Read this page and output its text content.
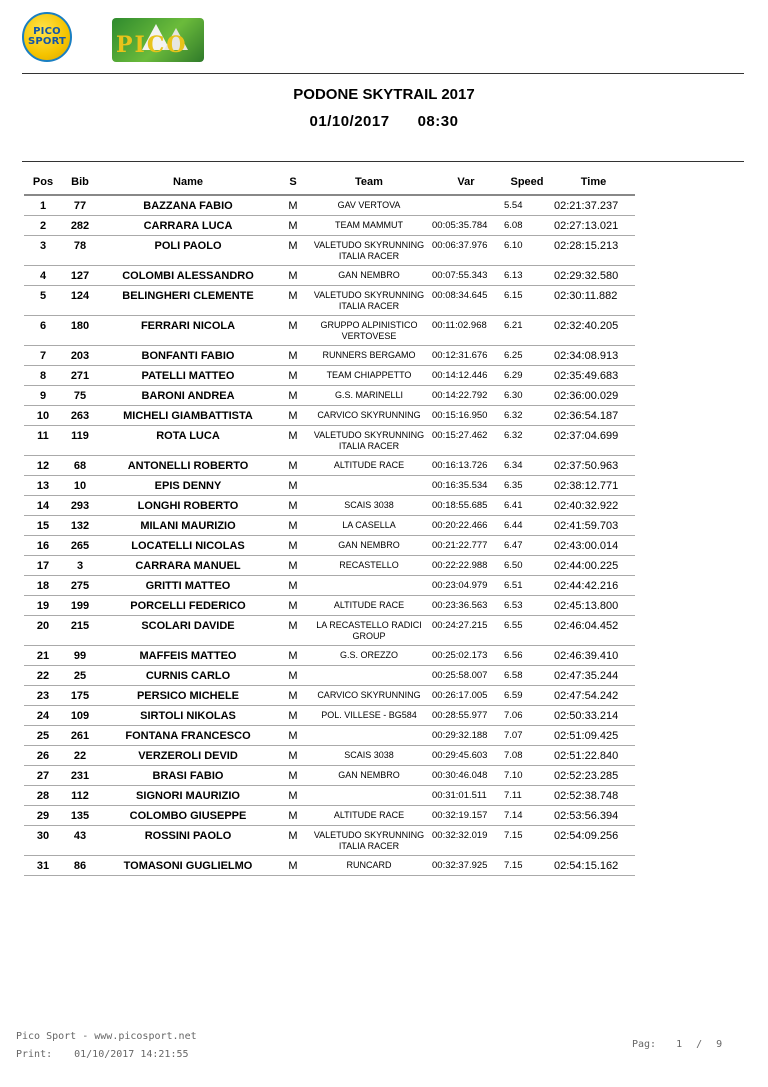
PICO
SPORT PICO
PODONE SKYTRAIL 2017
01/10/2017 08:30
Pos	Bib	Name	S	Team	Var	Speed	Time
1	77	BAZZANA FABIO	M	GAV VERTOVA		5.54	02:21:37.237
2	282	CARRARA LUCA	M	TEAM MAMMUT	00:05:35.784	6.08	02:27:13.021
3	78	POLI PAOLO	M	VALETUDO SKYRUNNING ITALIA RACER	00:06:37.976	6.10	02:28:15.213
4	127	COLOMBI ALESSANDRO	M	GAN NEMBRO	00:07:55.343	6.13	02:29:32.580
5	124	BELINGHERI CLEMENTE	M	VALETUDO SKYRUNNING ITALIA RACER	00:08:34.645	6.15	02:30:11.882
6	180	FERRARI NICOLA	M	GRUPPO ALPINISTICO VERTOVESE	00:11:02.968	6.21	02:32:40.205
7	203	BONFANTI FABIO	M	RUNNERS BERGAMO	00:12:31.676	6.25	02:34:08.913
8	271	PATELLI MATTEO	M	TEAM CHIAPPETTO	00:14:12.446	6.29	02:35:49.683
9	75	BARONI ANDREA	M	G.S. MARINELLI	00:14:22.792	6.30	02:36:00.029
10	263	MICHELI GIAMBATTISTA	M	CARVICO SKYRUNNING	00:15:16.950	6.32	02:36:54.187
11	119	ROTA LUCA	M	VALETUDO SKYRUNNING ITALIA RACER	00:15:27.462	6.32	02:37:04.699
12	68	ANTONELLI ROBERTO	M	ALTITUDE RACE	00:16:13.726	6.34	02:37:50.963
13	10	EPIS DENNY	M		00:16:35.534	6.35	02:38:12.771
14	293	LONGHI ROBERTO	M	SCAIS 3038	00:18:55.685	6.41	02:40:32.922
15	132	MILANI MAURIZIO	M	LA CASELLA	00:20:22.466	6.44	02:41:59.703
16	265	LOCATELLI NICOLAS	M	GAN NEMBRO	00:21:22.777	6.47	02:43:00.014
17	3	CARRARA MANUEL	M	RECASTELLO	00:22:22.988	6.50	02:44:00.225
18	275	GRITTI MATTEO	M		00:23:04.979	6.51	02:44:42.216
19	199	PORCELLI FEDERICO	M	ALTITUDE RACE	00:23:36.563	6.53	02:45:13.800
20	215	SCOLARI DAVIDE	M	LA RECASTELLO RADICI GROUP	00:24:27.215	6.55	02:46:04.452
21	99	MAFFEIS MATTEO	M	G.S. OREZZO	00:25:02.173	6.56	02:46:39.410
22	25	CURNIS CARLO	M		00:25:58.007	6.58	02:47:35.244
23	175	PERSICO MICHELE	M	CARVICO SKYRUNNING	00:26:17.005	6.59	02:47:54.242
24	109	SIRTOLI NIKOLAS	M	POL. VILLESE - BG584	00:28:55.977	7.06	02:50:33.214
25	261	FONTANA FRANCESCO	M		00:29:32.188	7.07	02:51:09.425
26	22	VERZEROLI DEVID	M	SCAIS 3038	00:29:45.603	7.08	02:51:22.840
27	231	BRASI FABIO	M	GAN NEMBRO	00:30:46.048	7.10	02:52:23.285
28	112	SIGNORI MAURIZIO	M		00:31:01.511	7.11	02:52:38.748
29	135	COLOMBO GIUSEPPE	M	ALTITUDE RACE	00:32:19.157	7.14	02:53:56.394
30	43	ROSSINI PAOLO	M	VALETUDO SKYRUNNING ITALIA RACER	00:32:32.019	7.15	02:54:09.256
31	86	TOMASONI GUGLIELMO	M	RUNCARD	00:32:37.925	7.15	02:54:15.162
Pico Sport - www.picosport.net
Print: 01/10/2017 14:21:55
Pag: 1 / 9
